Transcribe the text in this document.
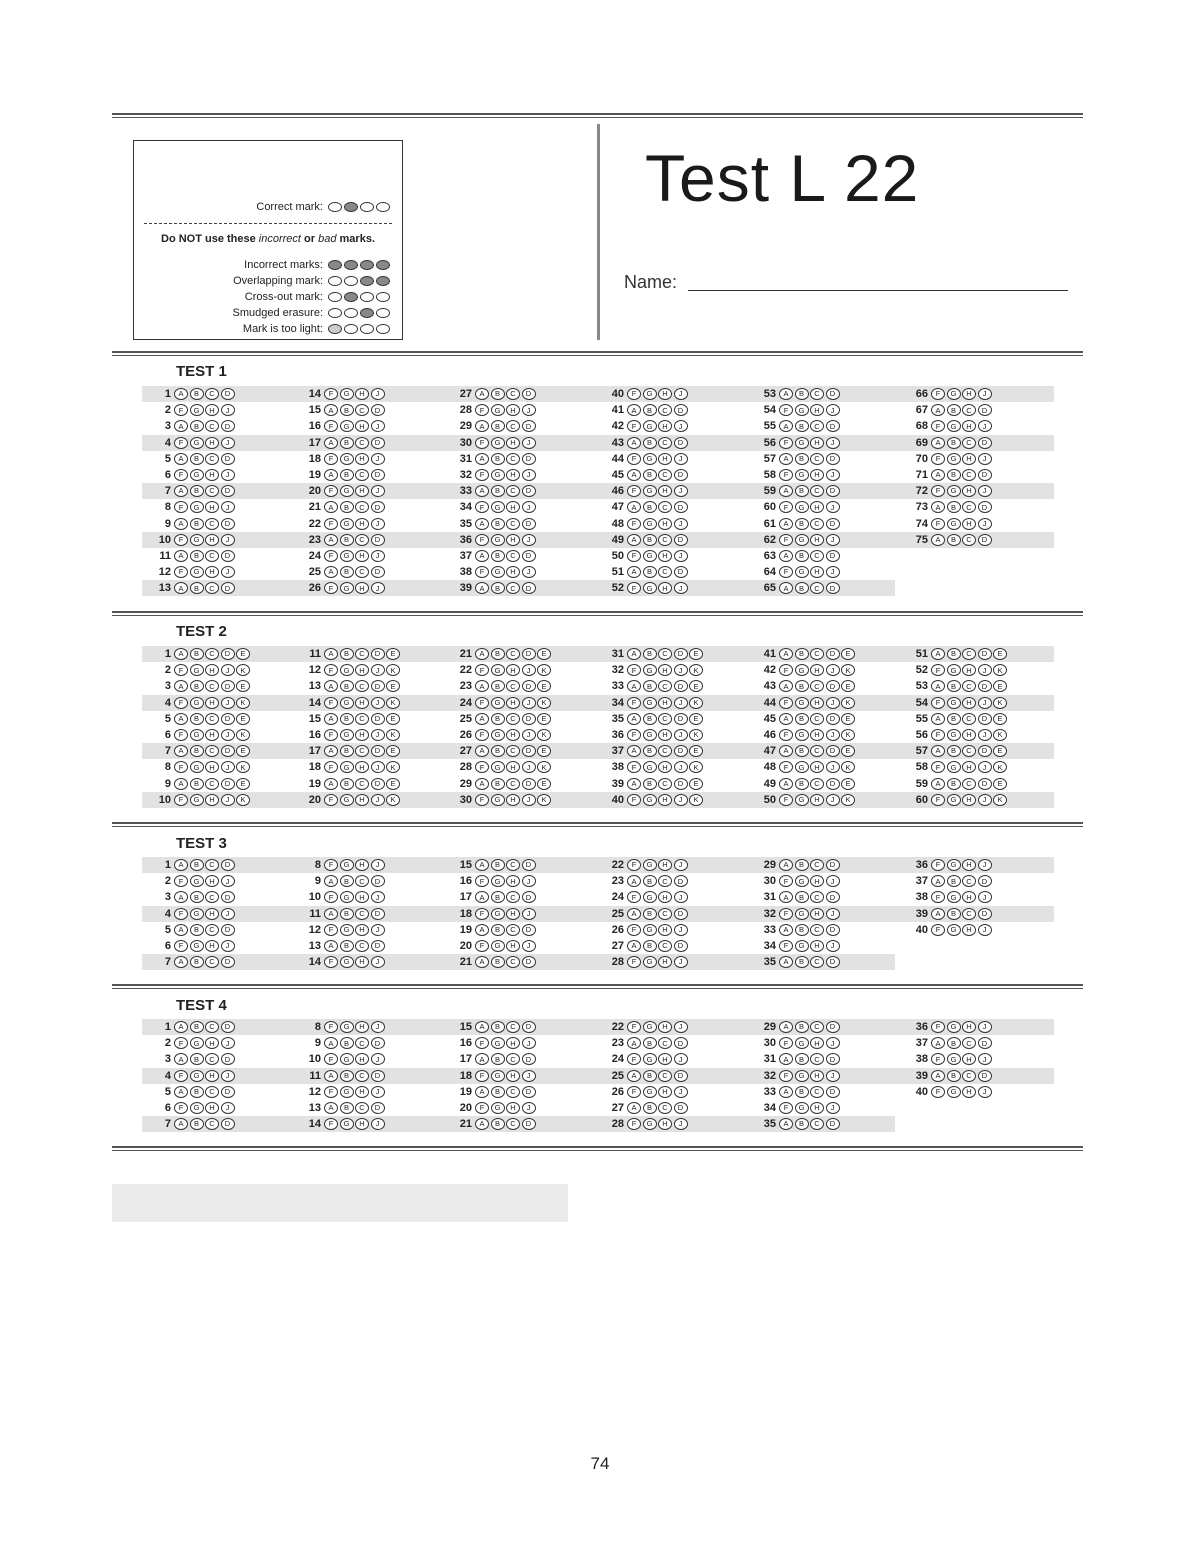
Correct mark:
Do NOT use these incorrect or bad marks.
Incorrect marks:
Overlapping mark:
Cross-out mark:
Smudged erasure:
Mark is too light:
Test L 22
Name:
TEST 1
1 A	B	C	D
2	F	G	H	J
3 A	B	C	D
4	F	G	H	J
5 A	B	C	D
6	F	G	H	J
7 A	B	C	D
8	F	G	H	J
9 A	B	C	D
10	F	G	H	J
11 A	B	C	D
12	F	G	H	J
13 A	B	C	D
14	F	G	H	J
15 A	B	C	D
16	F	G	H	J
17 A	B	C	D
18	F	G	H	J
19 A	B	C	D
20	F	G	H	J
21 A	B	C	D
22	F	G	H	J
23 A	B	C	D
24	F	G	H	J
25 A	B	C	D
26	F	G	H	J
27 A	B	C	D
28	F	G	H	J
29 A	B	C	D
30	F	G	H	J
31 A	B	C	D
32	F	G	H	J
33 A	B	C	D
34	F	G	H	J
35 A	B	C	D
36	F	G	H	J
37 A	B	C	D
38	F	G	H	J
39 A	B	C	D
40	F	G	H	J
41 A	B	C	D
42	F	G	H	J
43 A	B	C	D
44	F	G	H	J
45 A	B	C	D
46	F	G	H	J
47 A	B	C	D
48	F	G	H	J
49 A	B	C	D
50	F	G	H	J
51 A	B	C	D
52	F	G	H	J
53 A	B	C	D
54	F	G	H	J
55 A	B	C	D
56	F	G	H	J
57 A	B	C	D
58	F	G	H	J
59 A	B	C	D
60	F	G	H	J
61 A	B	C	D
62	F	G	H	J
63 A	B	C	D
64	F	G	H	J
65 A	B	C	D
66	F	G	H	J
67 A	B	C	D
68	F	G	H	J
69 A	B	C	D
70	F	G	H	J
71 A	B	C	D
72	F	G	H	J
73 A	B	C	D
74	F	G	H	J
75 A	B	C	D
TEST 2
1 A	B	C	D	E
2	F	G	H	J	K
3 A	B	C	D	E
4	F	G	H	J	K
5 A	B	C	D	E
6	F	G	H	J	K
7 A	B	C	D	E
8	F	G	H	J	K
9 A	B	C	D	E
10	F	G	H	J	K
11 A	B	C	D	E
12	F	G	H	J	K
13 A	B	C	D	E
14	F	G	H	J	K
15 A	B	C	D	E
16	F	G	H	J	K
17 A	B	C	D	E
18	F	G	H	J	K
19 A	B	C	D	E
20	F	G	H	J	K
21 A	B	C	D	E
22	F	G	H	J	K
23 A	B	C	D	E
24	F	G	H	J	K
25 A	B	C	D	E
26	F	G	H	J	K
27 A	B	C	D	E
28	F	G	H	J	K
29 A	B	C	D	E
30	F	G	H	J	K
31 A	B	C	D	E
32	F	G	H	J	K
33 A	B	C	D	E
34	F	G	H	J	K
35 A	B	C	D	E
36	F	G	H	J	K
37 A	B	C	D	E
38	F	G	H	J	K
39 A	B	C	D	E
40	F	G	H	J	K
41 A	B	C	D	E
42	F	G	H	J	K
43 A	B	C	D	E
44	F	G	H	J	K
45 A	B	C	D	E
46	F	G	H	J	K
47 A	B	C	D	E
48	F	G	H	J	K
49 A	B	C	D	E
50	F	G	H	J	K
51 A	B	C	D	E
52	F	G	H	J	K
53 A	B	C	D	E
54	F	G	H	J	K
55 A	B	C	D	E
56	F	G	H	J	K
57 A	B	C	D	E
58	F	G	H	J	K
59 A	B	C	D	E
60	F	G	H	J	K
TEST 3
1 A	B	C	D
2	F	G	H	J
3 A	B	C	D
4	F	G	H	J
5 A	B	C	D
6	F	G	H	J
7 A	B	C	D
8	F	G	H	J
9 A	B	C	D
10	F	G	H	J
11 A	B	C	D
12	F	G	H	J
13 A	B	C	D
14	F	G	H	J
15 A	B	C	D
16	F	G	H	J
17 A	B	C	D
18	F	G	H	J
19 A	B	C	D
20	F	G	H	J
21 A	B	C	D
22	F	G	H	J
23 A	B	C	D
24	F	G	H	J
25 A	B	C	D
26	F	G	H	J
27 A	B	C	D
28	F	G	H	J
29 A	B	C	D
30	F	G	H	J
31 A	B	C	D
32	F	G	H	J
33 A	B	C	D
34	F	G	H	J
35 A	B	C	D
36	F	G	H	J
37 A	B	C	D
38	F	G	H	J
39 A	B	C	D
40	F	G	H	J
TEST 4
1 A	B	C	D
2	F	G	H	J
3 A	B	C	D
4	F	G	H	J
5 A	B	C	D
6	F	G	H	J
7 A	B	C	D
8	F	G	H	J
9 A	B	C	D
10	F	G	H	J
11 A	B	C	D
12	F	G	H	J
13 A	B	C	D
14	F	G	H	J
15 A	B	C	D
16	F	G	H	J
17 A	B	C	D
18	F	G	H	J
19 A	B	C	D
20	F	G	H	J
21 A	B	C	D
22	F	G	H	J
23 A	B	C	D
24	F	G	H	J
25 A	B	C	D
26	F	G	H	J
27 A	B	C	D
28	F	G	H	J
29 A	B	C	D
30	F	G	H	J
31 A	B	C	D
32	F	G	H	J
33 A	B	C	D
34	F	G	H	J
35 A	B	C	D
36	F	G	H	J
37 A	B	C	D
38	F	G	H	J
39 A	B	C	D
40	F	G	H	J
74
